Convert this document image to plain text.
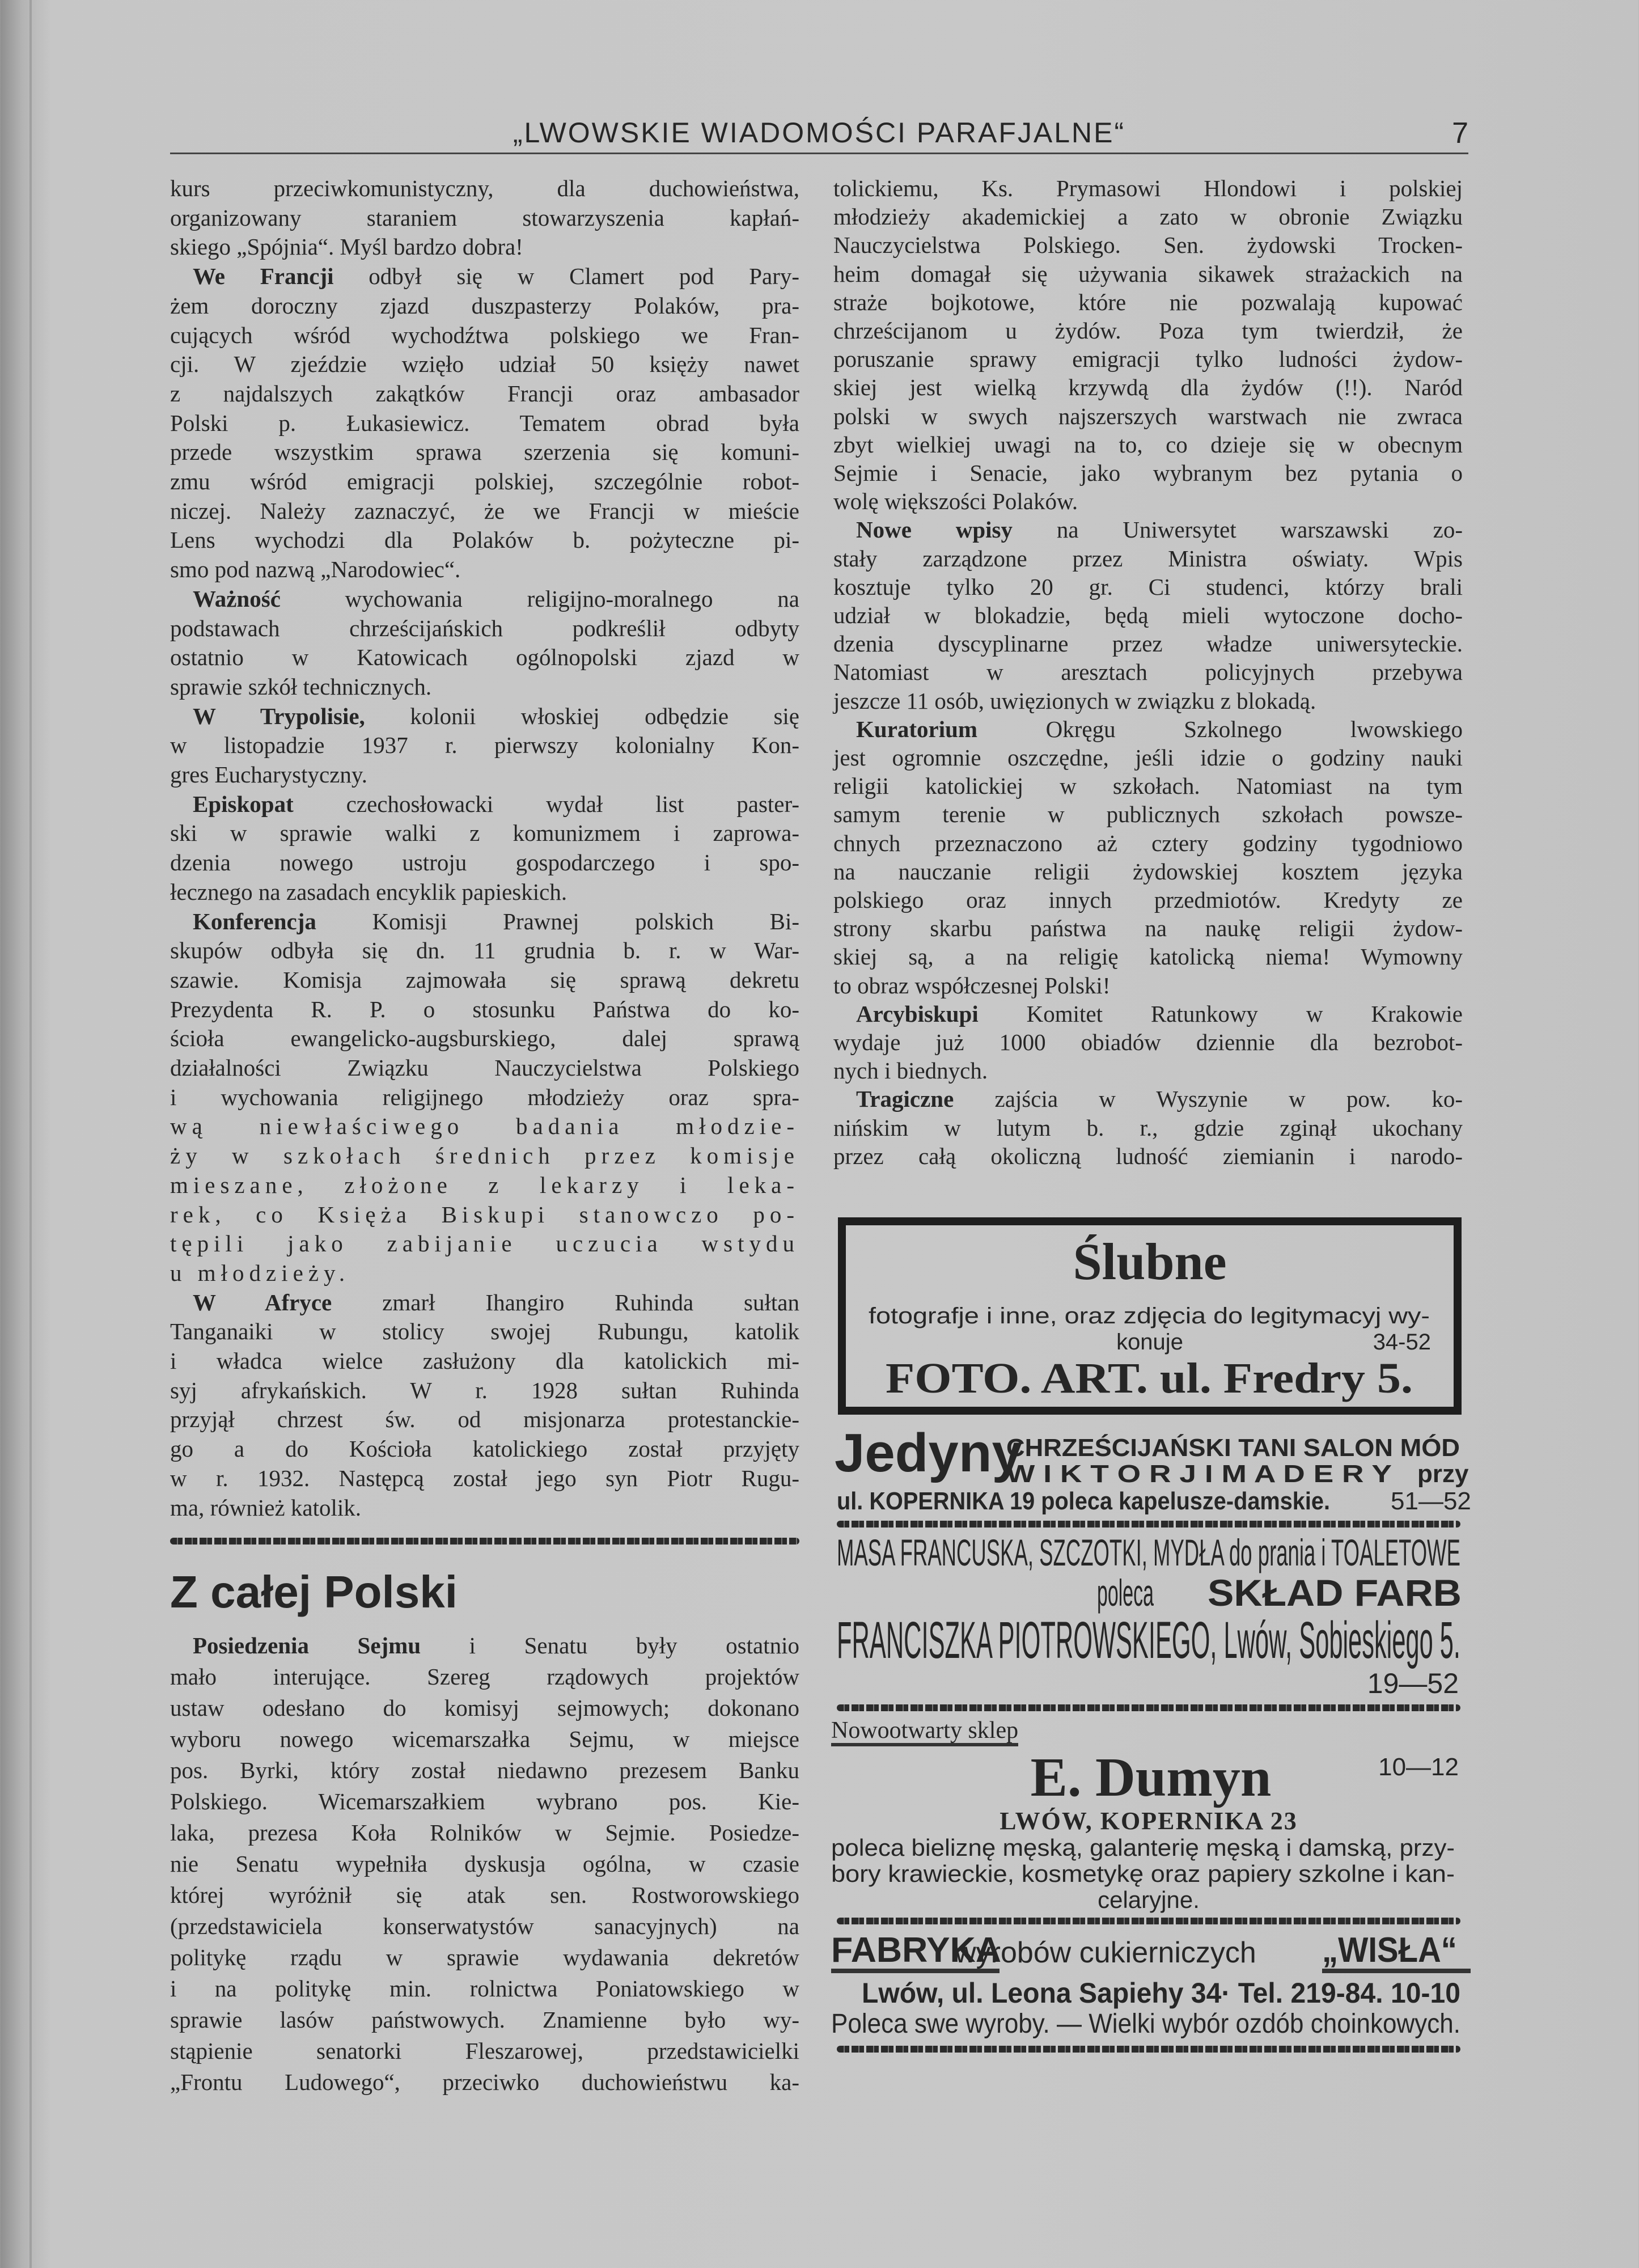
„LWOWSKIE WIADOMOŚCI PARAFJALNE“	7
kurs przeciwkomunistyczny, dla duchowieństwa,
organizowany staraniem stowarzyszenia kapłań-
skiego „Spójnia“. Myśl bardzo dobra!
We Francji odbył się w Clamert pod Pary-
żem doroczny zjazd duszpasterzy Polaków, pra-
cujących wśród wychodźtwa polskiego we Fran-
cji. W zjeździe wzięło udział 50 księży nawet
z najdalszych zakątków Francji oraz ambasador
Polski p. Łukasiewicz. Tematem obrad była
przede wszystkim sprawa szerzenia się komuni-
zmu wśród emigracji polskiej, szczególnie robot-
niczej. Należy zaznaczyć, że we Francji w mieście
Lens wychodzi dla Polaków b. pożyteczne pi-
smo pod nazwą „Narodowiec“.
Ważność wychowania religijno-moralnego na
podstawach chrześcijańskich podkreślił odbyty
ostatnio w Katowicach ogólnopolski zjazd w
sprawie szkół technicznych.
W Trypolisie, kolonii włoskiej odbędzie się
w listopadzie 1937 r. pierwszy kolonialny Kon-
gres Eucharystyczny.
Episkopat czechosłowacki wydał list paster-
ski w sprawie walki z komunizmem i zaprowa-
dzenia nowego ustroju gospodarczego i spo-
łecznego na zasadach encyklik papieskich.
Konferencja Komisji Prawnej polskich Bi-
skupów odbyła się dn. 11 grudnia b. r. w War-
szawie. Komisja zajmowała się sprawą dekretu
Prezydenta R. P. o stosunku Państwa do ko-
ścioła ewangelicko-augsburskiego, dalej sprawą
działalności Związku Nauczycielstwa Polskiego
i wychowania religijnego młodzieży oraz spra-
wą niewłaściwego badania młodzie-
ży w szkołach średnich przez komisje
mieszane, złożone z lekarzy i leka-
rek, co Księża Biskupi stanowczo po-
tępili jako zabijanie uczucia wstydu
u młodzieży.
W Afryce zmarł Ihangiro Ruhinda sułtan
Tanganaiki w stolicy swojej Rubungu, katolik
i władca wielce zasłużony dla katolickich mi-
syj afrykańskich. W r. 1928 sułtan Ruhinda
przyjął chrzest św. od misjonarza protestanckie-
go a do Kościoła katolickiego został przyjęty
w r. 1932. Następcą został jego syn Piotr Rugu-
ma, również katolik.
Posiedzenia Sejmu i Senatu były ostatnio
mało interujące. Szereg rządowych projektów
ustaw odesłano do komisyj sejmowych; dokonano
wyboru nowego wicemarszałka Sejmu, w miejsce
pos. Byrki, który został niedawno prezesem Banku
Polskiego. Wicemarszałkiem wybrano pos. Kie-
laka, prezesa Koła Rolników w Sejmie. Posiedze-
nie Senatu wypełniła dyskusja ogólna, w czasie
której wyróżnił się atak sen. Rostworowskiego
(przedstawiciela konserwatystów sanacyjnych) na
politykę rządu w sprawie wydawania dekretów
i na politykę min. rolnictwa Poniatowskiego w
sprawie lasów państwowych. Znamienne było wy-
stąpienie senatorki Fleszarowej, przedstawicielki
„Frontu Ludowego“, przeciwko duchowieństwu ka-
tolickiemu, Ks. Prymasowi Hlondowi i polskiej
młodzieży akademickiej a zato w obronie Związku
Nauczycielstwa Polskiego. Sen. żydowski Trocken-
heim domagał się używania sikawek strażackich na
straże bojkotowe, które nie pozwalają kupować
chrześcijanom u żydów. Poza tym twierdził, że
poruszanie sprawy emigracji tylko ludności żydow-
skiej jest wielką krzywdą dla żydów (!!). Naród
polski w swych najszerszych warstwach nie zwraca
zbyt wielkiej uwagi na to, co dzieje się w obecnym
Sejmie i Senacie, jako wybranym bez pytania o
wolę większości Polaków.
Nowe wpisy na Uniwersytet warszawski zo-
stały zarządzone przez Ministra oświaty. Wpis
kosztuje tylko 20 gr. Ci studenci, którzy brali
udział w blokadzie, będą mieli wytoczone docho-
dzenia dyscyplinarne przez władze uniwersyteckie.
Natomiast w aresztach policyjnych przebywa
jeszcze 11 osób, uwięzionych w związku z blokadą.
Kuratorium Okręgu Szkolnego lwowskiego
jest ogromnie oszczędne, jeśli idzie o godziny nauki
religii katolickiej w szkołach. Natomiast na tym
samym terenie w publicznych szkołach powsze-
chnych przeznaczono aż cztery godziny tygodniowo
na nauczanie religii żydowskiej kosztem języka
polskiego oraz innych przedmiotów. Kredyty ze
strony skarbu państwa na naukę religii żydow-
skiej są, a na religię katolicką niema! Wymowny
to obraz współczesnej Polski!
Arcybiskupi Komitet Ratunkowy w Krakowie
wydaje już 1000 obiadów dziennie dla bezrobot-
nych i biednych.
Tragiczne zajścia w Wyszynie w pow. ko-
nińskim w lutym b. r., gdzie zginął ukochany
przez całą okoliczną ludność ziemianin i narodo-
Z całej Polski
Ślubne
fotografje i inne, oraz zdjęcia do legitymacyj wy-
konuje	34-52
FOTO. ART. ul. Fredry 5.
Jedyny
CHRZEŚCIJAŃSKI TANI SALON MÓD
W I K T O R J I M A D E R Y przy
ul. KOPERNIKA 19 poleca kapelusze-damskie.	51—52
MASA FRANCUSKA, SZCZOTKI, MYDŁA do prania i TOALETOWE
poleca	SKŁAD FARB
FRANCISZKA PIOTROWSKIEGO, Lwów, Sobieskiego 5.
19—52
Nowootwarty sklep
E. Dumyn	10—12
LWÓW, KOPERNIKA 23
poleca bieliznę męską, galanterię męską i damską, przy-
bory krawieckie, kosmetykę oraz papiery szkolne i kan-
celaryjne.
FABRYKA
wyrobów cukierniczych	„WISŁA“
Lwów, ul. Leona Sapiehy 34· Tel. 219-84. 10-10
Poleca swe wyroby. — Wielki wybór ozdób choinkowych.
